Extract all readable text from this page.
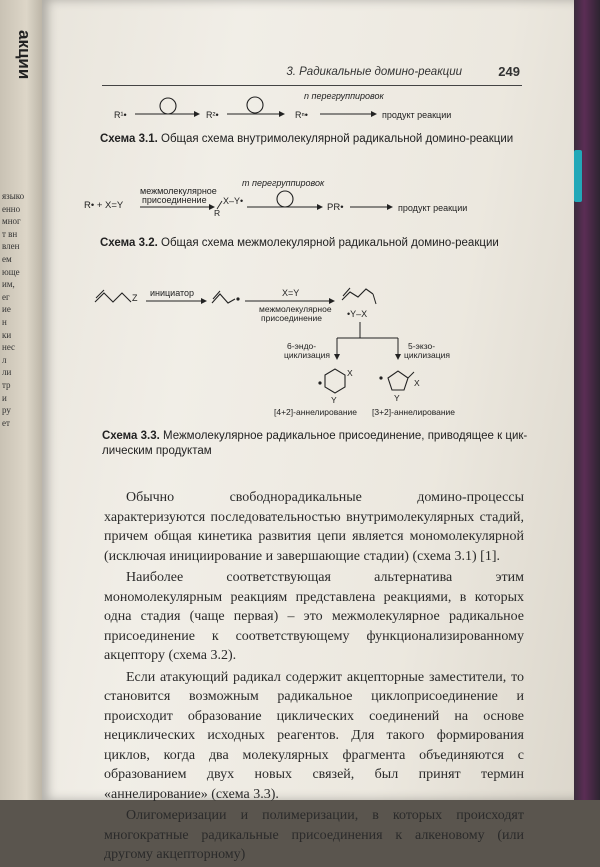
акции
языко
енно
мног
т вн
влен
ем
юще
им,
ег
ие
н
ки
нес
л
ли
тр
и
ру
ет
3. Радикальные домино-реакции	249
n перегруппировок
R¹•	R²•	Rⁿ•	продукт реакции
m перегруппировок
R• + X=Y
межмолекулярное
присоединение
R
X–Y•
PR•	продукт реакции
Z инициатор	X=Y
межмолекулярное
присоединение	•Y–X
6-эндо-
циклизация
5-экзо-
циклизация
X
Y
X
Y
[4+2]-аннелирование [3+2]-аннелирование
Схема 3.1. Общая схема внутримолекулярной радикальной домино-реакции
Схема 3.2. Общая схема межмолекулярной радикальной домино-реакции
Схема 3.3. Межмолекулярное радикальное присоединение, приводящее к цик-
лическим продуктам

Обычно свободнорадикальные домино-процессы характеризуются последовательностью внутримолекулярных стадий, причем общая кинетика развития цепи является мономолекулярной (исключая инициирование и завершающие стадии) (схема 3.1) [1].

Наиболее соответствующая альтернатива этим мономолекулярным реакциям представлена реакциями, в которых одна стадия (чаще первая) – это межмолекулярное радикальное присоединение к соответствующему функционализированному акцептору (схема 3.2).

Если атакующий радикал содержит акцепторные заместители, то становится возможным радикальное циклоприсоединение и происходит образование циклических соединений на основе нециклических исходных реагентов. Для такого формирования циклов, когда два молекулярных фрагмента объединяются с образованием двух новых связей, был принят термин «аннелирование» (схема 3.3).

Олигомеризации и полимеризации, в которых происходят многократные радикальные присоединения к алкеновому (или другому акцепторному)
